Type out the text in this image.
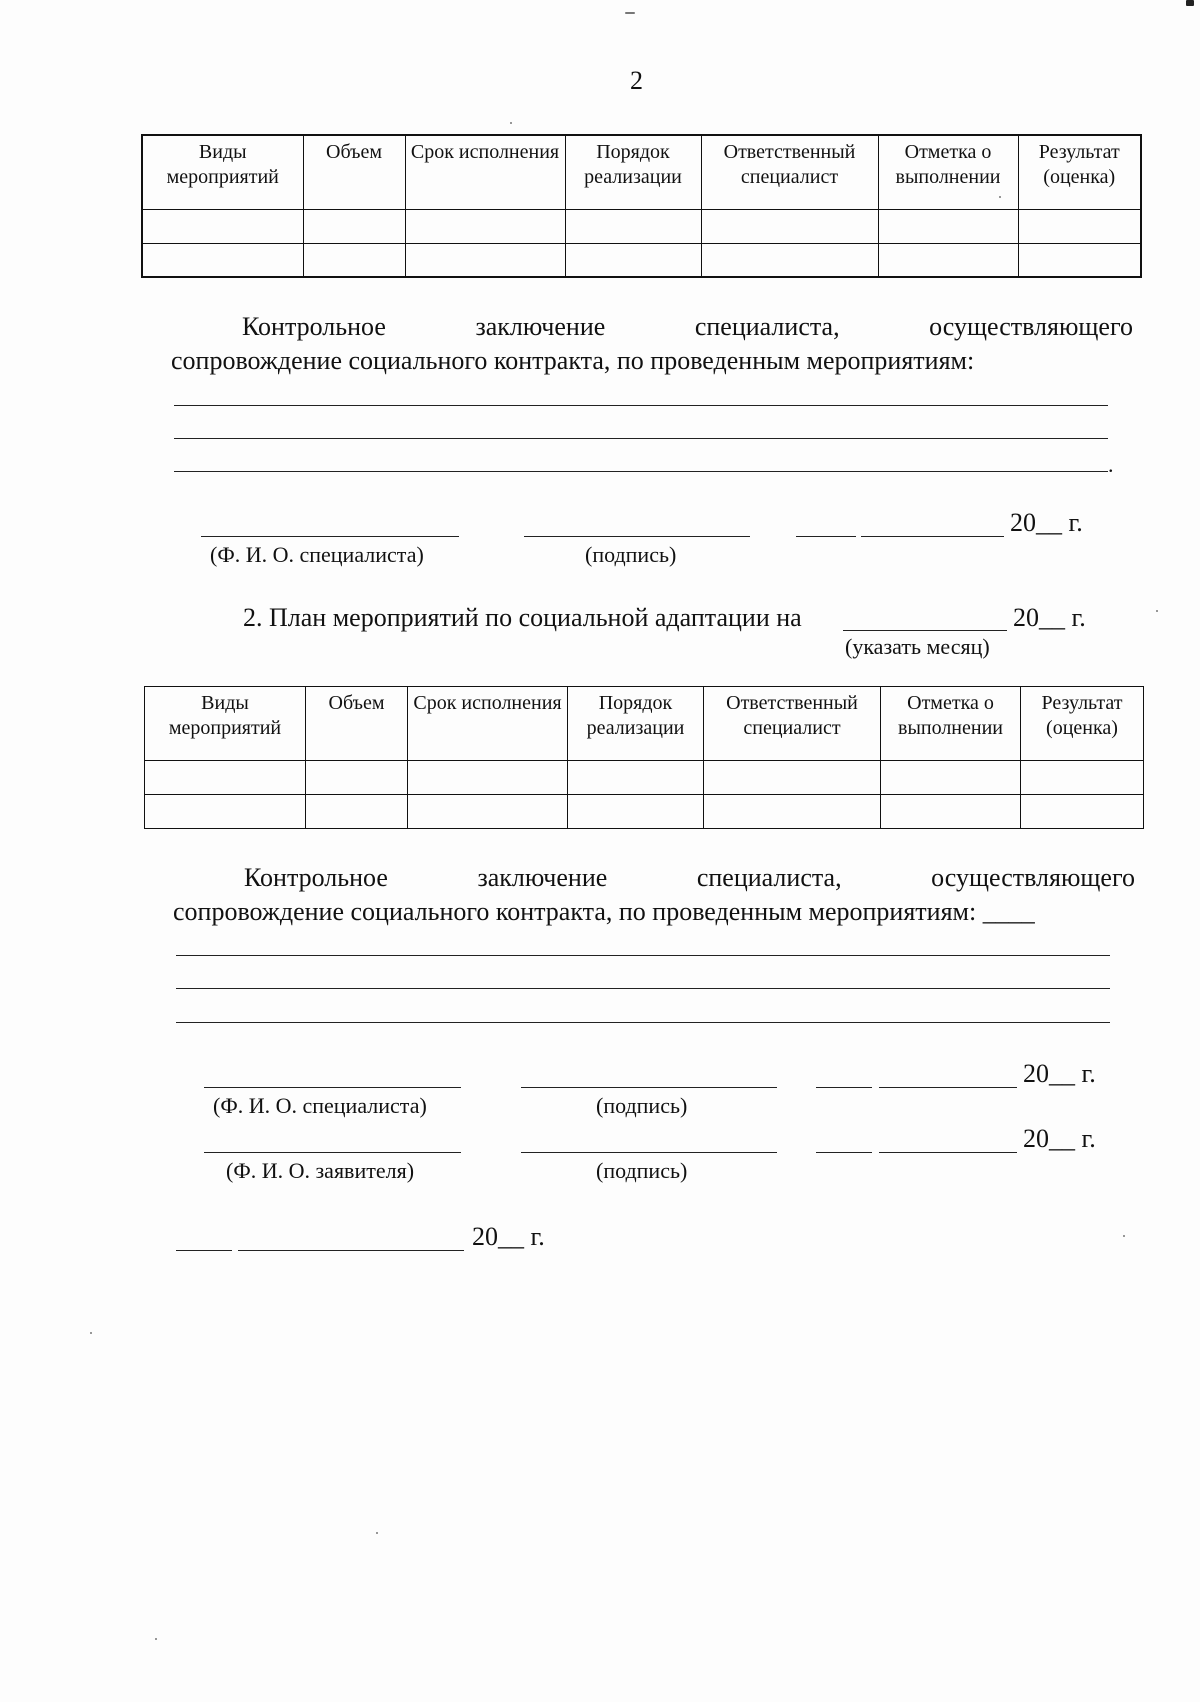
2
Виды мероприятий	Объем	Срок исполнения	Порядок реализации	Ответственный специалист	Отметка о выполнении	Результат (оценка)

Контрольное	заключение	специалиста,	осуществляющего
сопровождение социального контракта, по проведенным мероприятиям:
.
20__ г.
(Ф. И. О. специалиста)	(подпись)
2. План мероприятий по социальной адаптации на	20__ г.
(указать месяц)
Виды мероприятий	Объем	Срок исполнения	Порядок реализации	Ответственный специалист	Отметка о выполнении	Результат (оценка)

Контрольное	заключение	специалиста,	осуществляющего
сопровождение социального контракта, по проведенным мероприятиям: ____
20__ г.
(Ф. И. О. специалиста)	(подпись)
20__ г.
(Ф. И. О. заявителя)	(подпись)
20__ г.
